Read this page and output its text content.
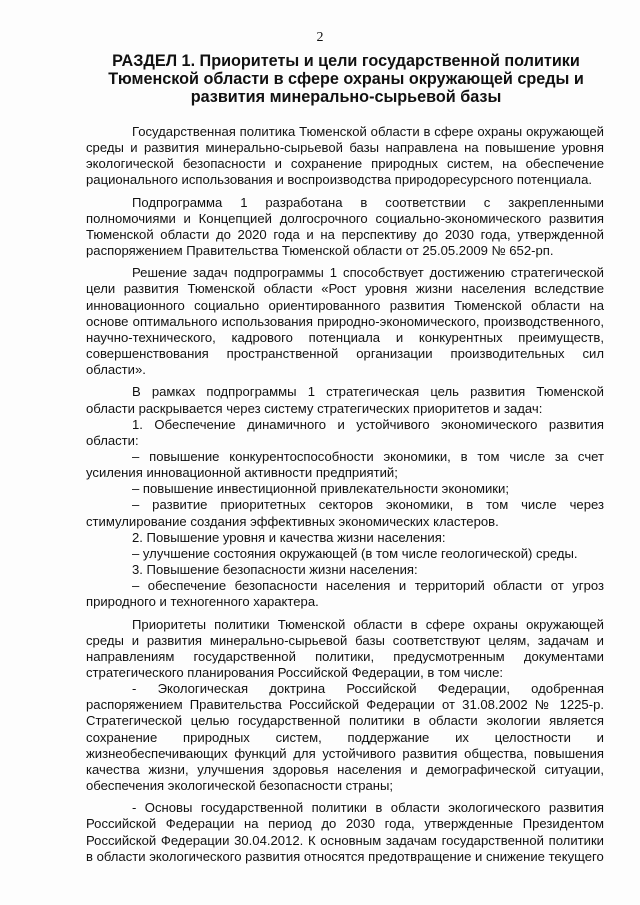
2
РАЗДЕЛ 1. Приоритеты и цели государственной политики Тюменской области в сфере охраны окружающей среды и развития минерально-сырьевой базы

Государственная политика Тюменской области в сфере охраны окружающей среды и развития минерально-сырьевой базы направлена на повышение уровня экологической безопасности и сохранение природных систем, на обеспечение рационального использования и воспроизводства природоресурсного потенциала.

Подпрограмма 1 разработана в соответствии с закрепленными полномочиями и Концепцией долгосрочного социально-экономического развития Тюменской области до 2020 года и на перспективу до 2030 года, утвержденной распоряжением Правительства Тюменской области от 25.05.2009 № 652-рп.

Решение задач подпрограммы 1 способствует достижению стратегической цели развития Тюменской области «Рост уровня жизни населения вследствие инновационного социально ориентированного развития Тюменской области на основе оптимального использования природно-экономического, производственного, научно-технического, кадрового потенциала и конкурентных преимуществ, совершенствования пространственной организации производительных сил области».

В рамках подпрограммы 1 стратегическая цель развития Тюменской области раскрывается через систему стратегических приоритетов и задач:

1. Обеспечение динамичного и устойчивого экономического развития области:

– повышение конкурентоспособности экономики, в том числе за счет усиления инновационной активности предприятий;

– повышение инвестиционной привлекательности экономики;

– развитие приоритетных секторов экономики, в том числе через стимулирование создания эффективных экономических кластеров.

2. Повышение уровня и качества жизни населения:

– улучшение состояния окружающей (в том числе геологической) среды.

3. Повышение безопасности жизни населения:

– обеспечение безопасности населения и территорий области от угроз природного и техногенного характера.

Приоритеты политики Тюменской области в сфере охраны окружающей среды и развития минерально-сырьевой базы соответствуют целям, задачам и направлениям государственной политики, предусмотренным документами стратегического планирования Российской Федерации, в том числе:

- Экологическая доктрина Российской Федерации, одобренная распоряжением Правительства Российской Федерации от 31.08.2002 № 1225-р. Стратегической целью государственной политики в области экологии является сохранение природных систем, поддержание их целостности и жизнеобеспечивающих функций для устойчивого развития общества, повышения качества жизни, улучшения здоровья населения и демографической ситуации, обеспечения экологической безопасности страны;

- Основы государственной политики в области экологического развития Российской Федерации на период до 2030 года, утвержденные Президентом Российской Федерации 30.04.2012. К основным задачам государственной политики в области экологического развития относятся предотвращение и снижение текущего
